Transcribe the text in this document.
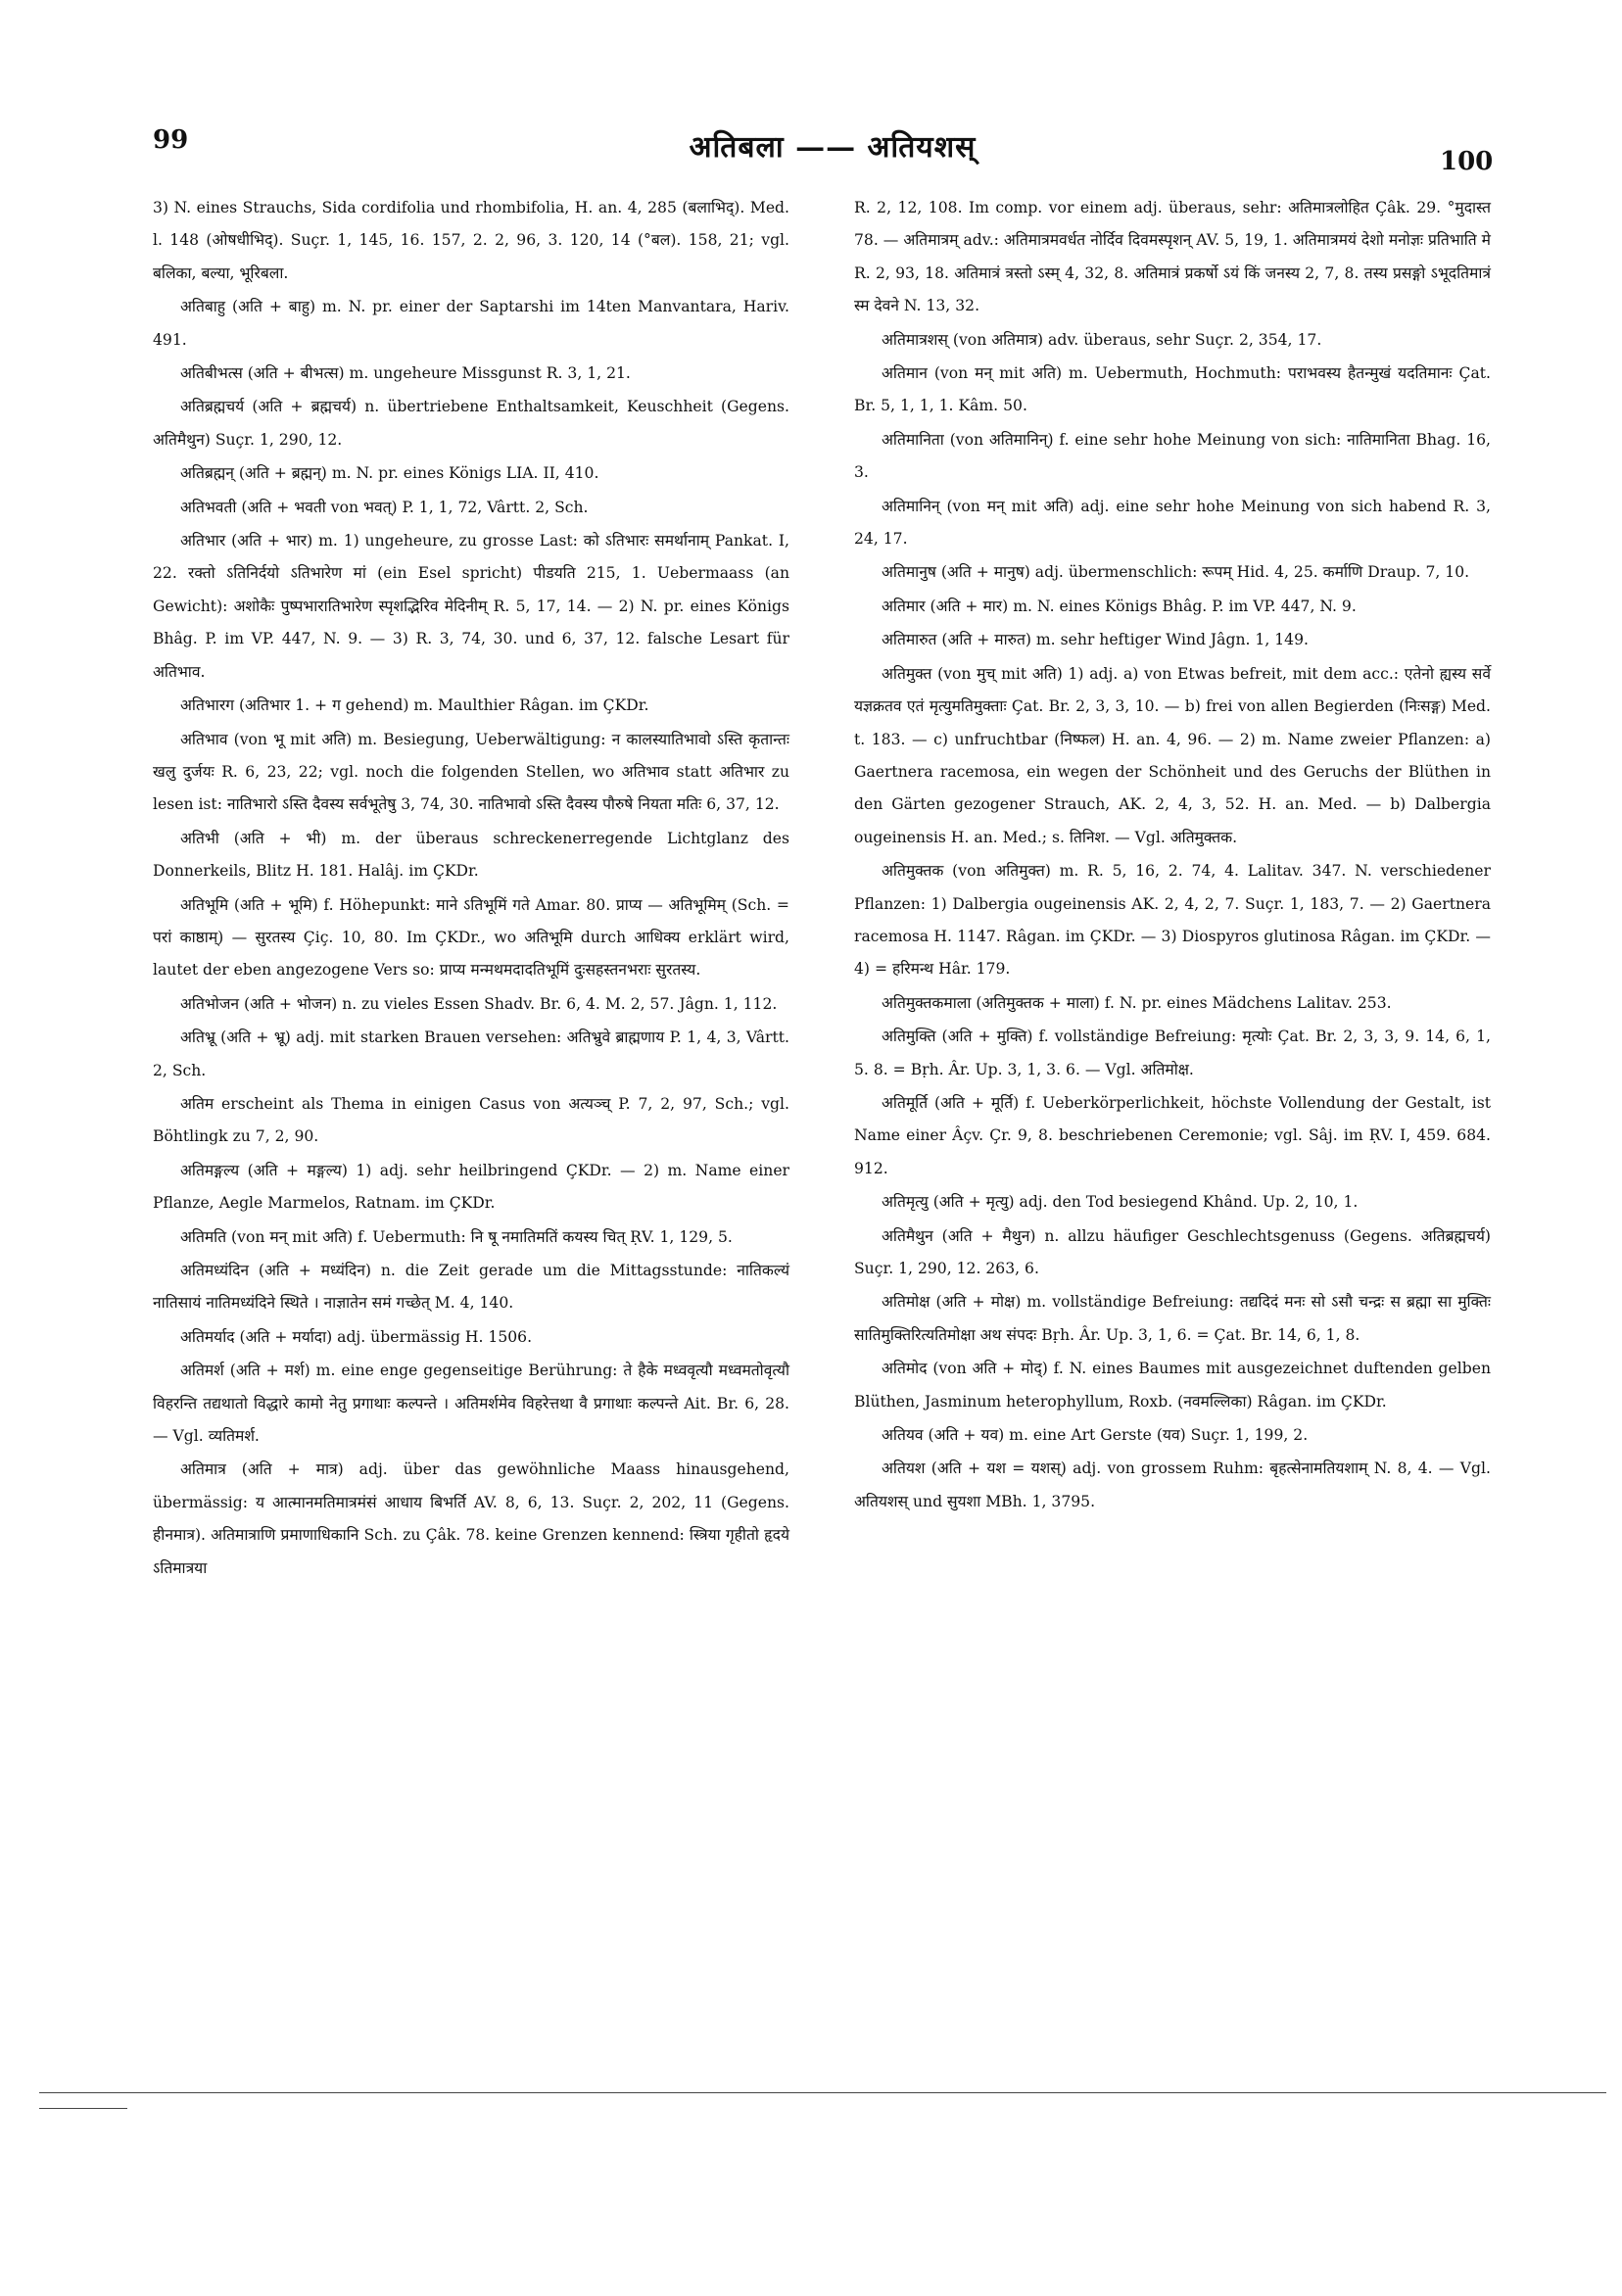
99	अतिबला —— अतियशस्	100

3) N. eines Strauchs, Sida cordifolia und rhombifolia, H. an. 4, 285 (बलाभिद्). Med. l. 148 (ओषधीभिद्). Suçr. 1, 145, 16. 157, 2. 2, 96, 3. 120, 14 (°बल). 158, 21; vgl. बलिका, बल्या, भूरिबला.

अतिबाहु (अति + बाहु) m. N. pr. einer der Saptarshi im 14ten Manvantara, Hariv. 491.

अतिबीभत्स (अति + बीभत्स) m. ungeheure Missgunst R. 3, 1, 21.

अतिब्रह्मचर्य (अति + ब्रह्मचर्य) n. übertriebene Enthaltsamkeit, Keuschheit (Gegens. अतिमैथुन) Suçr. 1, 290, 12.

अतिब्रह्मन् (अति + ब्रह्मन्) m. N. pr. eines Königs LIA. II, 410.

अतिभवती (अति + भवती von भवत्) P. 1, 1, 72, Vârtt. 2, Sch.

अतिभार (अति + भार) m. 1) ungeheure, zu grosse Last: को ऽतिभारः समर्थानाम् Pankat. I, 22. रक्तो ऽतिनिर्दयो ऽतिभारेण मां (ein Esel spricht) पीडयति 215, 1. Uebermaass (an Gewicht): अशोकैः पुष्पभारातिभारेण स्पृशद्भिरिव मेदिनीम् R. 5, 17, 14. — 2) N. pr. eines Königs Bhâg. P. im VP. 447, N. 9. — 3) R. 3, 74, 30. und 6, 37, 12. falsche Lesart für अतिभाव.

अतिभारग (अतिभार 1. + ग gehend) m. Maulthier Râgan. im ÇKDr.

अतिभाव (von भू mit अति) m. Besiegung, Ueberwältigung: न कालस्यातिभावो ऽस्ति कृतान्तः खलु दुर्जयः R. 6, 23, 22; vgl. noch die folgenden Stellen, wo अतिभाव statt अतिभार zu lesen ist: नातिभारो ऽस्ति दैवस्य सर्वभूतेषु 3, 74, 30. नातिभावो ऽस्ति दैवस्य पौरुषे नियता मतिः 6, 37, 12.

अतिभी (अति + भी) m. der überaus schreckenerregende Lichtglanz des Donnerkeils, Blitz H. 181. Halâj. im ÇKDr.

अतिभूमि (अति + भूमि) f. Höhepunkt: माने ऽतिभूमिं गते Amar. 80. प्राप्य — अतिभूमिम् (Sch. = परां काष्ठाम्) — सुरतस्य Çiç. 10, 80. Im ÇKDr., wo अतिभूमि durch आधिक्य erklärt wird, lautet der eben angezogene Vers so: प्राप्य मन्मथमदादतिभूमिं दुःसहस्तनभराः सुरतस्य.

अतिभोजन (अति + भोजन) n. zu vieles Essen Shadv. Br. 6, 4. M. 2, 57. Jâgn. 1, 112.

अतिभ्रू (अति + भ्रू) adj. mit starken Brauen versehen: अतिभ्रुवे ब्राह्मणाय P. 1, 4, 3, Vârtt. 2, Sch.

अतिम erscheint als Thema in einigen Casus von अत्यञ्च् P. 7, 2, 97, Sch.; vgl. Böhtlingk zu 7, 2, 90.

अतिमङ्गल्य (अति + मङ्गल्य) 1) adj. sehr heilbringend ÇKDr. — 2) m. Name einer Pflanze, Aegle Marmelos, Ratnam. im ÇKDr.

अतिमति (von मन् mit अति) f. Uebermuth: नि षू नमातिमतिं कयस्य चित् ṚV. 1, 129, 5.

अतिमध्यंदिन (अति + मध्यंदिन) n. die Zeit gerade um die Mittagsstunde: नातिकल्यं नातिसायं नातिमध्यंदिने स्थिते । नाज्ञातेन समं गच्छेत् M. 4, 140.

अतिमर्याद (अति + मर्यादा) adj. übermässig H. 1506.

अतिमर्श (अति + मर्श) m. eine enge gegenseitige Berührung: ते हैके मध्ववृत्यौ मध्वमतोवृत्यौ विहरन्ति तद्यथातो विद्धारे कामो नेतु प्रगाथाः कल्पन्ते । अतिमर्शमेव विहरेत्तथा वै प्रगाथाः कल्पन्ते Ait. Br. 6, 28. — Vgl. व्यतिमर्श.

अतिमात्र (अति + मात्र) adj. über das gewöhnliche Maass hinausgehend, übermässig: य आत्मानमतिमात्रमंसं आधाय बिभर्ति AV. 8, 6, 13. Suçr. 2, 202, 11 (Gegens. हीनमात्र). अतिमात्राणि प्रमाणाधिकानि Sch. zu Çâk. 78. keine Grenzen kennend: स्त्रिया गृहीतो हृदये ऽतिमात्रया

R. 2, 12, 108. Im comp. vor einem adj. überaus, sehr: अतिमात्रलोहित Çâk. 29. °मुदास्त 78. — अतिमात्रम् adv.: अतिमात्रमवर्धत नोर्दिव दिवमस्पृशन् AV. 5, 19, 1. अतिमात्रमयं देशो मनोज्ञः प्रतिभाति मे R. 2, 93, 18. अतिमात्रं त्रस्तो ऽस्म् 4, 32, 8. अतिमात्रं प्रकर्षो ऽयं किं जनस्य 2, 7, 8. तस्य प्रसङ्गो ऽभूदतिमात्रं स्म देवने N. 13, 32.

अतिमात्रशस् (von अतिमात्र) adv. überaus, sehr Suçr. 2, 354, 17.

अतिमान (von मन् mit अति) m. Uebermuth, Hochmuth: पराभवस्य हैतन्मुखं यदतिमानः Çat. Br. 5, 1, 1, 1. Kâm. 50.

अतिमानिता (von अतिमानिन्) f. eine sehr hohe Meinung von sich: नातिमानिता Bhag. 16, 3.

अतिमानिन् (von मन् mit अति) adj. eine sehr hohe Meinung von sich habend R. 3, 24, 17.

अतिमानुष (अति + मानुष) adj. übermenschlich: रूपम् Hid. 4, 25. कर्माणि Draup. 7, 10.

अतिमार (अति + मार) m. N. eines Königs Bhâg. P. im VP. 447, N. 9.

अतिमारुत (अति + मारुत) m. sehr heftiger Wind Jâgn. 1, 149.

अतिमुक्त (von मुच् mit अति) 1) adj. a) von Etwas befreit, mit dem acc.: एतेनो ह्यस्य सर्वे यज्ञक्रतव एतं मृत्युमतिमुक्ताः Çat. Br. 2, 3, 3, 10. — b) frei von allen Begierden (निःसङ्ग) Med. t. 183. — c) unfruchtbar (निष्फल) H. an. 4, 96. — 2) m. Name zweier Pflanzen: a) Gaertnera racemosa, ein wegen der Schönheit und des Geruchs der Blüthen in den Gärten gezogener Strauch, AK. 2, 4, 3, 52. H. an. Med. — b) Dalbergia ougeinensis H. an. Med.; s. तिनिश. — Vgl. अतिमुक्तक.

अतिमुक्तक (von अतिमुक्त) m. R. 5, 16, 2. 74, 4. Lalitav. 347. N. verschiedener Pflanzen: 1) Dalbergia ougeinensis AK. 2, 4, 2, 7. Suçr. 1, 183, 7. — 2) Gaertnera racemosa H. 1147. Râgan. im ÇKDr. — 3) Diospyros glutinosa Râgan. im ÇKDr. — 4) = हरिमन्थ Hâr. 179.

अतिमुक्तकमाला (अतिमुक्तक + माला) f. N. pr. eines Mädchens Lalitav. 253.

अतिमुक्ति (अति + मुक्ति) f. vollständige Befreiung: मृत्योः Çat. Br. 2, 3, 3, 9. 14, 6, 1, 5. 8. = Bṛh. Âr. Up. 3, 1, 3. 6. — Vgl. अतिमोक्ष.

अतिमूर्ति (अति + मूर्ति) f. Ueberkörperlichkeit, höchste Vollendung der Gestalt, ist Name einer Âçv. Çr. 9, 8. beschriebenen Ceremonie; vgl. Sâj. im ṚV. I, 459. 684. 912.

अतिमृत्यु (अति + मृत्यु) adj. den Tod besiegend Khând. Up. 2, 10, 1.

अतिमैथुन (अति + मैथुन) n. allzu häufiger Geschlechtsgenuss (Gegens. अतिब्रह्मचर्य) Suçr. 1, 290, 12. 263, 6.

अतिमोक्ष (अति + मोक्ष) m. vollständige Befreiung: तद्यदिदं मनः सो ऽसौ चन्द्रः स ब्रह्मा सा मुक्तिः सातिमुक्तिरित्यतिमोक्षा अथ संपदः Bṛh. Âr. Up. 3, 1, 6. = Çat. Br. 14, 6, 1, 8.

अतिमोद (von अति + मोद्) f. N. eines Baumes mit ausgezeichnet duftenden gelben Blüthen, Jasminum heterophyllum, Roxb. (नवमल्लिका) Râgan. im ÇKDr.

अतियव (अति + यव) m. eine Art Gerste (यव) Suçr. 1, 199, 2.

अतियश (अति + यश = यशस्) adj. von grossem Ruhm: बृहत्सेनामतियशाम् N. 8, 4. — Vgl. अतियशस् und सुयशा MBh. 1, 3795.
